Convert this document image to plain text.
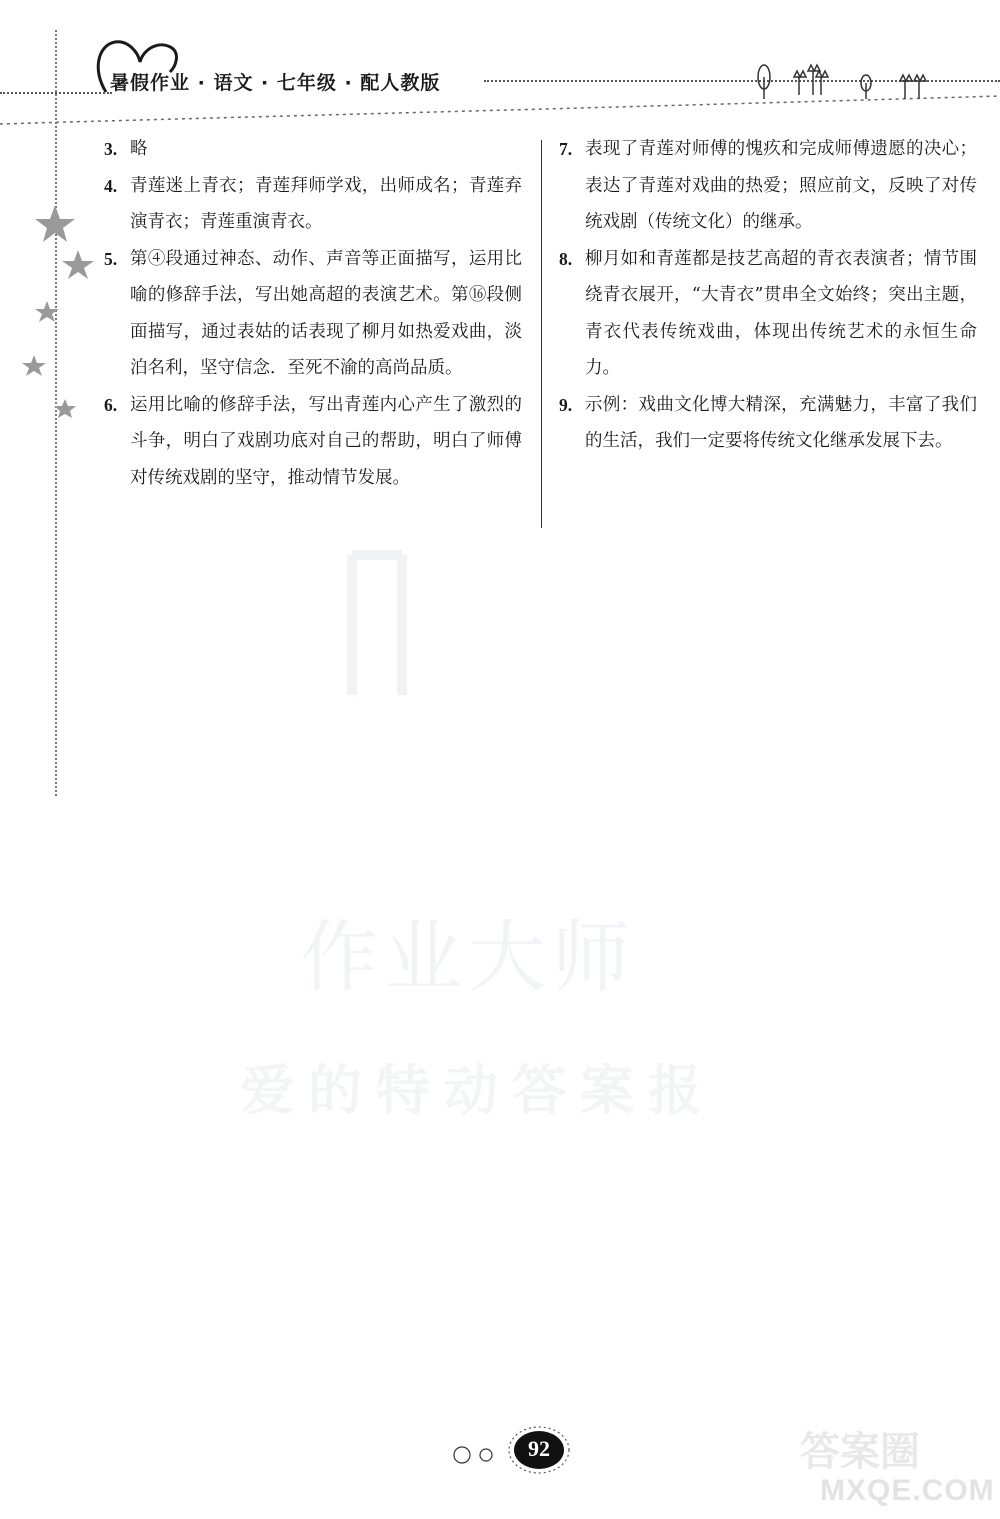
暑假作业 · 语文 · 七年级 · 配人教版
3. 略
4. 青莲迷上青衣；青莲拜师学戏，出师成名；青莲弃演青衣；青莲重演青衣。
5. 第④段通过神态、动作、声音等正面描写，运用比喻的修辞手法，写出她高超的表演艺术。第⑯段侧面描写，通过表姑的话表现了柳月如热爱戏曲，淡泊名利，坚守信念．至死不渝的高尚品质。
6. 运用比喻的修辞手法，写出青莲内心产生了激烈的斗争，明白了戏剧功底对自己的帮助，明白了师傅对传统戏剧的坚守，推动情节发展。
7. 表现了青莲对师傅的愧疚和完成师傅遗愿的决心；表达了青莲对戏曲的热爱；照应前文，反映了对传统戏剧（传统文化）的继承。
8. 柳月如和青莲都是技艺高超的青衣表演者；情节围绕青衣展开，“大青衣”贯串全文始终；突出主题，青衣代表传统戏曲，体现出传统艺术的永恒生命力。
9. 示例：戏曲文化博大精深，充满魅力，丰富了我们的生活，我们一定要将传统文化继承发展下去。
作业大师
爱的特动答案报
92	答案圈
MXQE.COM
